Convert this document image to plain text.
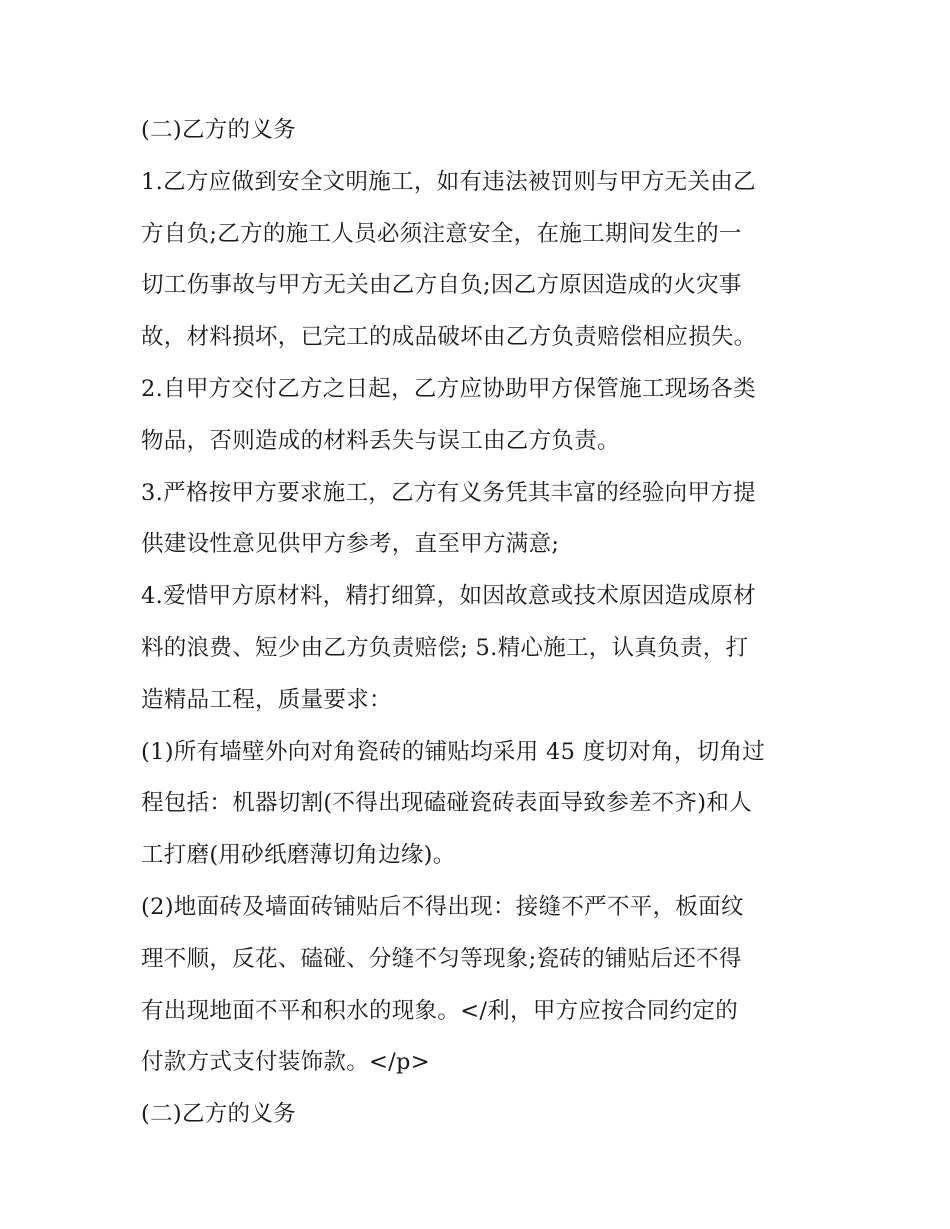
(二)乙方的义务
1.乙方应做到安全文明施工，如有违法被罚则与甲方无关由乙
方自负;乙方的施工人员必须注意安全，在施工期间发生的一
切工伤事故与甲方无关由乙方自负;因乙方原因造成的火灾事
故，材料损坏，已完工的成品破坏由乙方负责赔偿相应损失。
2.自甲方交付乙方之日起，乙方应协助甲方保管施工现场各类
物品，否则造成的材料丢失与误工由乙方负责。
3.严格按甲方要求施工，乙方有义务凭其丰富的经验向甲方提
供建设性意见供甲方参考，直至甲方满意;
4.爱惜甲方原材料，精打细算，如因故意或技术原因造成原材
料的浪费、短少由乙方负责赔偿; 5.精心施工，认真负责，打
造精品工程，质量要求：
(1)所有墙壁外向对角瓷砖的铺贴均采用 45 度切对角，切角过
程包括：机器切割(不得出现磕碰瓷砖表面导致参差不齐)和人
工打磨(用砂纸磨薄切角边缘)。
(2)地面砖及墙面砖铺贴后不得出现：接缝不严不平，板面纹
理不顺，反花、磕碰、分缝不匀等现象;瓷砖的铺贴后还不得
有出现地面不平和积水的现象。</利，甲方应按合同约定的
付款方式支付装饰款。</p>
(二)乙方的义务
